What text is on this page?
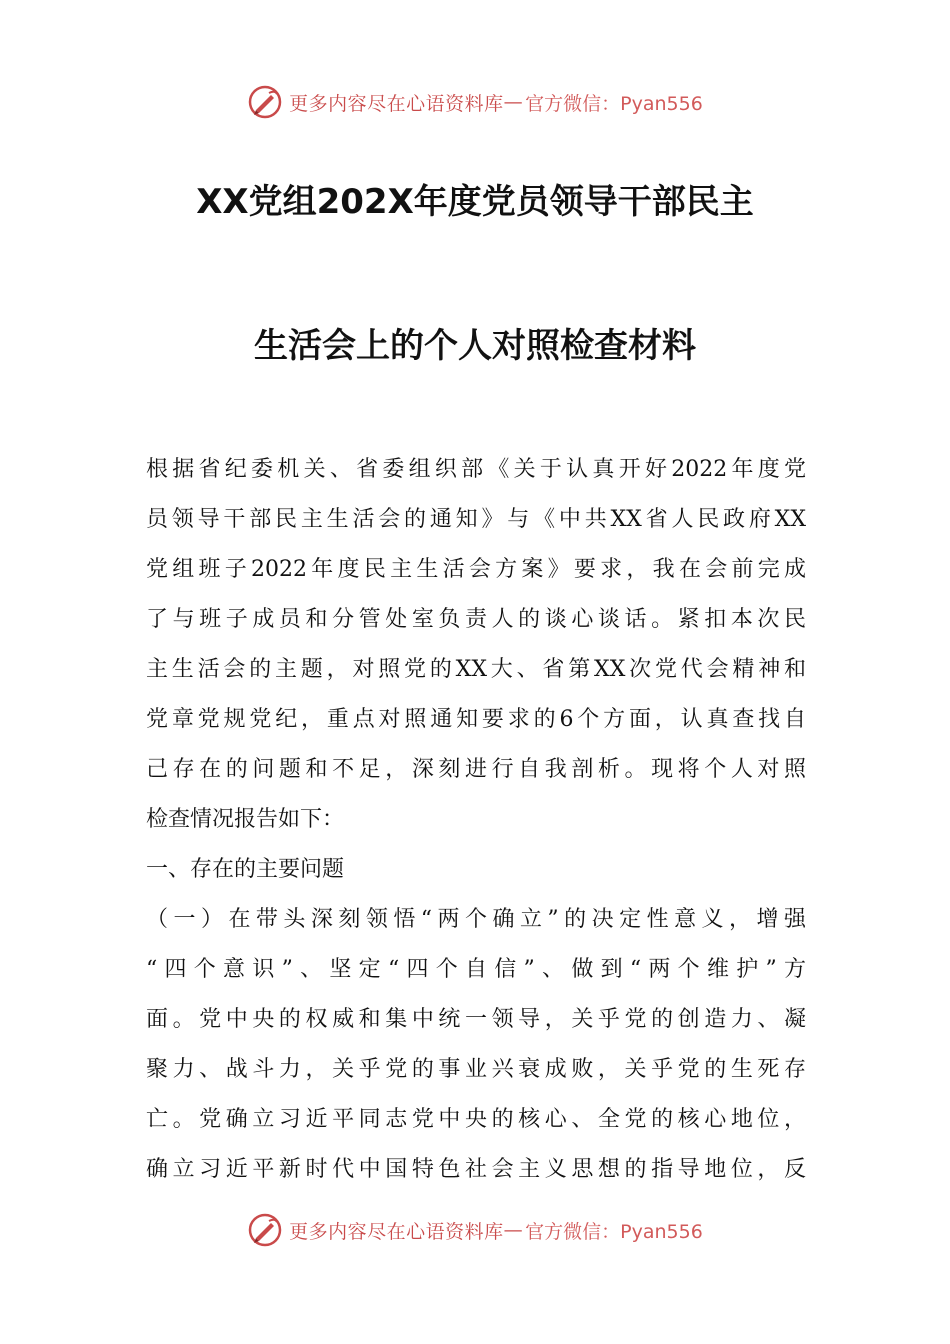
更多内容尽在心语资料库 — 官方微信：Pyan556
XX党组202X年度党员领导干部民主
生活会上的个人对照检查材料
根据省纪委机关、省委组织部《关于认真开好2022年度党
员领导干部民主生活会的通知》与《中共XX省人民政府XX
党组班子2022年度民主生活会方案》要求，我在会前完成
了与班子成员和分管处室负责人的谈心谈话。紧扣本次民
主生活会的主题，对照党的XX大、省第XX次党代会精神和
党章党规党纪，重点对照通知要求的6个方面，认真查找自
己存在的问题和不足，深刻进行自我剖析。现将个人对照
检查情况报告如下：
一、存在的主要问题
（一）在带头深刻领悟“两个确立”的决定性意义，增强
“四个意识”、坚定“四个自信”、做到“两个维护”方
面。党中央的权威和集中统一领导，关乎党的创造力、凝
聚力、战斗力，关乎党的事业兴衰成败，关乎党的生死存
亡。党确立习近平同志党中央的核心、全党的核心地位，
确立习近平新时代中国特色社会主义思想的指导地位，反
更多内容尽在心语资料库 — 官方微信：Pyan556
